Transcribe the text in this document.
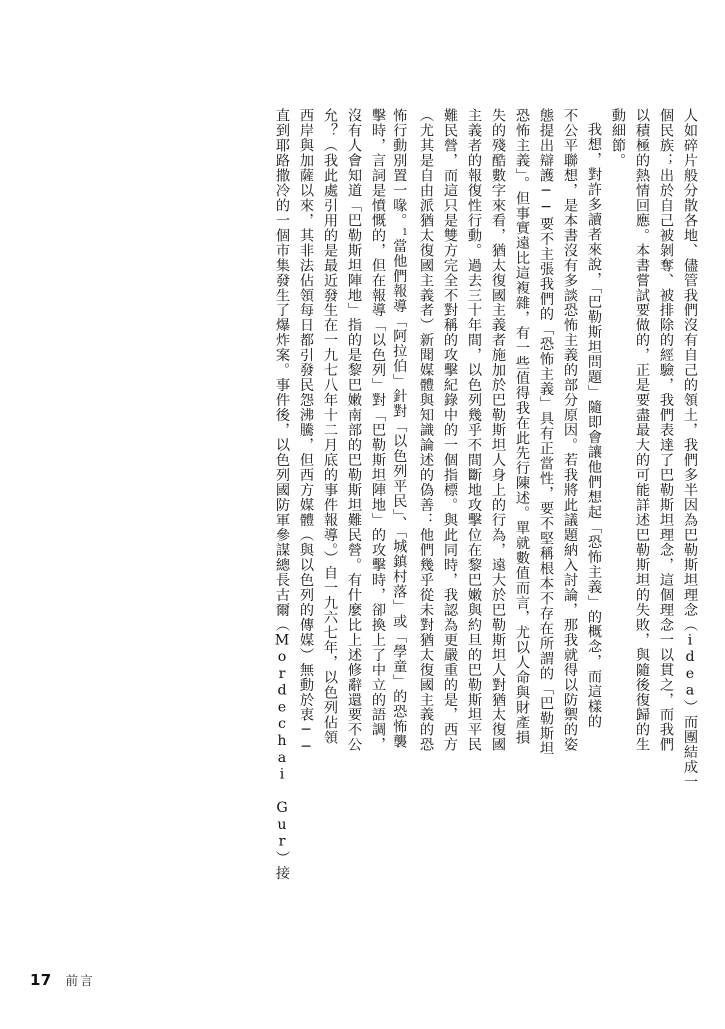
人如碎片般分散各地、儘管我們沒有自己的領土，我們多半因為巴勒斯坦理念（idea）而團結成一
個民族；出於自己被剝奪、被排除的經驗，我們表達了巴勒斯坦理念，這個理念一以貫之，而我們
以積極的熱情回應。本書嘗試要做的，正是要盡最大的可能詳述巴勒斯坦的失敗，與隨後復歸的生
動細節。
我想，對許多讀者來說，「巴勒斯坦問題」隨即會讓他們想起「恐怖主義」的概念，而這樣的
不公平聯想，是本書沒有多談恐怖主義的部分原因。若我將此議題納入討論，那我就得以防禦的姿
態提出辯護──要不主張我們的「恐怖主義」具有正當性，要不堅稱根本不存在所謂的「巴勒斯坦
恐怖主義」。但事實遠比這複雜，有一些值得我在此先行陳述。單就數值而言，尤以人命與財產損
失的殘酷數字來看，猶太復國主義者施加於巴勒斯坦人身上的行為，遠大於巴勒斯坦人對猶太復國
主義者的報復性行動。過去三十年間，以色列幾乎不間斷地攻擊位在黎巴嫩與約旦的巴勒斯坦平民
難民營，而這只是雙方完全不對稱的攻擊紀錄中的一個指標。與此同時，我認為更嚴重的是，西方
（尤其是自由派猶太復國主義者）新聞媒體與知識論述的偽善：他們幾乎從未對猶太復國主義的恐
怖行動別置一喙。$^1$當他們報導「阿拉伯」針對「以色列平民」、「城鎮村落」或「學童」的恐怖襲
擊時，言詞是憤慨的，但在報導「以色列」對「巴勒斯坦陣地」的攻擊時，卻換上了中立的語調，
沒有人會知道「巴勒斯坦陣地」指的是黎巴嫩南部的巴勒斯坦難民營。有什麼比上述修辭還要不公
允？（我此處引用的是最近發生在一九七八年十二月底的事件報導。）自一九六七年，以色列佔領
西岸與加薩以來，其非法佔領每日都引發民怨沸騰，但西方媒體（與以色列的傳媒）無動於衷──
直到耶路撒冷的一個市集發生了爆炸案。事件後，以色列國防軍參謀總長古爾（Mordechai Gur）接
17 前言
